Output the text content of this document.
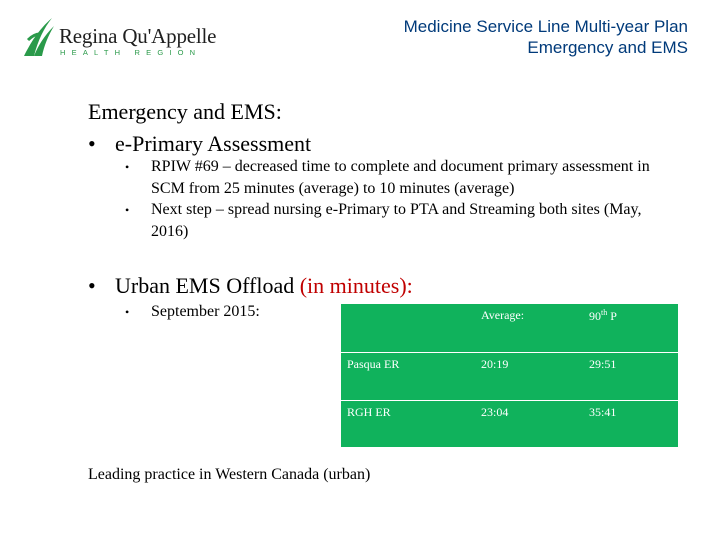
Regina Qu'Appelle
HEALTH REGION
Medicine Service Line Multi-year Plan
Emergency and EMS
Emergency and EMS:
• e-Primary Assessment
• RPIW #69 – decreased time to complete and document primary assessment in SCM from 25 minutes (average) to 10 minutes (average)
• Next step – spread nursing e-Primary to PTA and Streaming both sites (May, 2016)
• Urban EMS Offload (in minutes):
• September 2015:	Average:	90th P
Pasqua ER	20:19	29:51
RGH ER	23:04	35:41
Leading practice in Western Canada (urban)
